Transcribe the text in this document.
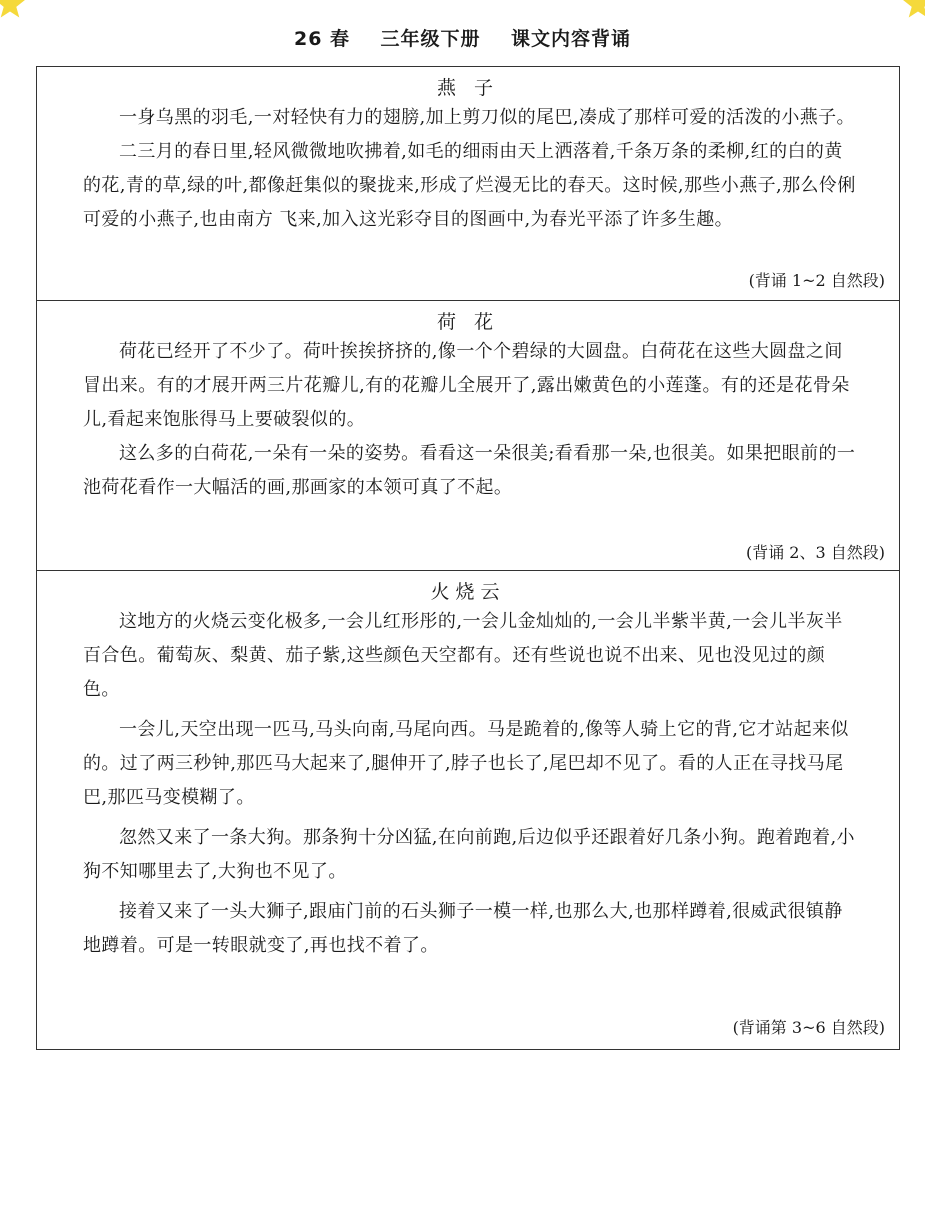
26 春    三年级下册    课文内容背诵

燕 子

一身乌黑的羽毛,一对轻快有力的翅膀,加上剪刀似的尾巴,凑成了那样可爱的活泼的小燕子。

二三月的春日里,轻风微微地吹拂着,如毛的细雨由天上洒落着,千条万条的柔柳,红的白的黄的花,青的草,绿的叶,都像赶集似的聚拢来,形成了烂漫无比的春天。这时候,那些小燕子,那么伶俐可爱的小燕子,也由南方 飞来,加入这光彩夺目的图画中,为春光平添了许多生趣。

(背诵 1~2 自然段)

荷 花

荷花已经开了不少了。荷叶挨挨挤挤的,像一个个碧绿的大圆盘。白荷花在这些大圆盘之间冒出来。有的才展开两三片花瓣儿,有的花瓣儿全展开了,露出嫩黄色的小莲蓬。有的还是花骨朵儿,看起来饱胀得马上要破裂似的。

这么多的白荷花,一朵有一朵的姿势。看看这一朵很美;看看那一朵,也很美。如果把眼前的一池荷花看作一大幅活的画,那画家的本领可真了不起。

(背诵 2、3 自然段)

火烧云

这地方的火烧云变化极多,一会儿红形彤的,一会儿金灿灿的,一会儿半紫半黄,一会儿半灰半百合色。葡萄灰、梨黄、茄子紫,这些颜色天空都有。还有些说也说不出来、见也没见过的颜色。

一会儿,天空出现一匹马,马头向南,马尾向西。马是跪着的,像等人骑上它的背,它才站起来似的。过了两三秒钟,那匹马大起来了,腿伸开了,脖子也长了,尾巴却不见了。看的人正在寻找马尾巴,那匹马变模糊了。

忽然又来了一条大狗。那条狗十分凶猛,在向前跑,后边似乎还跟着好几条小狗。跑着跑着,小狗不知哪里去了,大狗也不见了。

接着又来了一头大狮子,跟庙门前的石头狮子一模一样,也那么大,也那样蹲着,很威武很镇静地蹲着。可是一转眼就变了,再也找不着了。

(背诵第 3~6 自然段)
